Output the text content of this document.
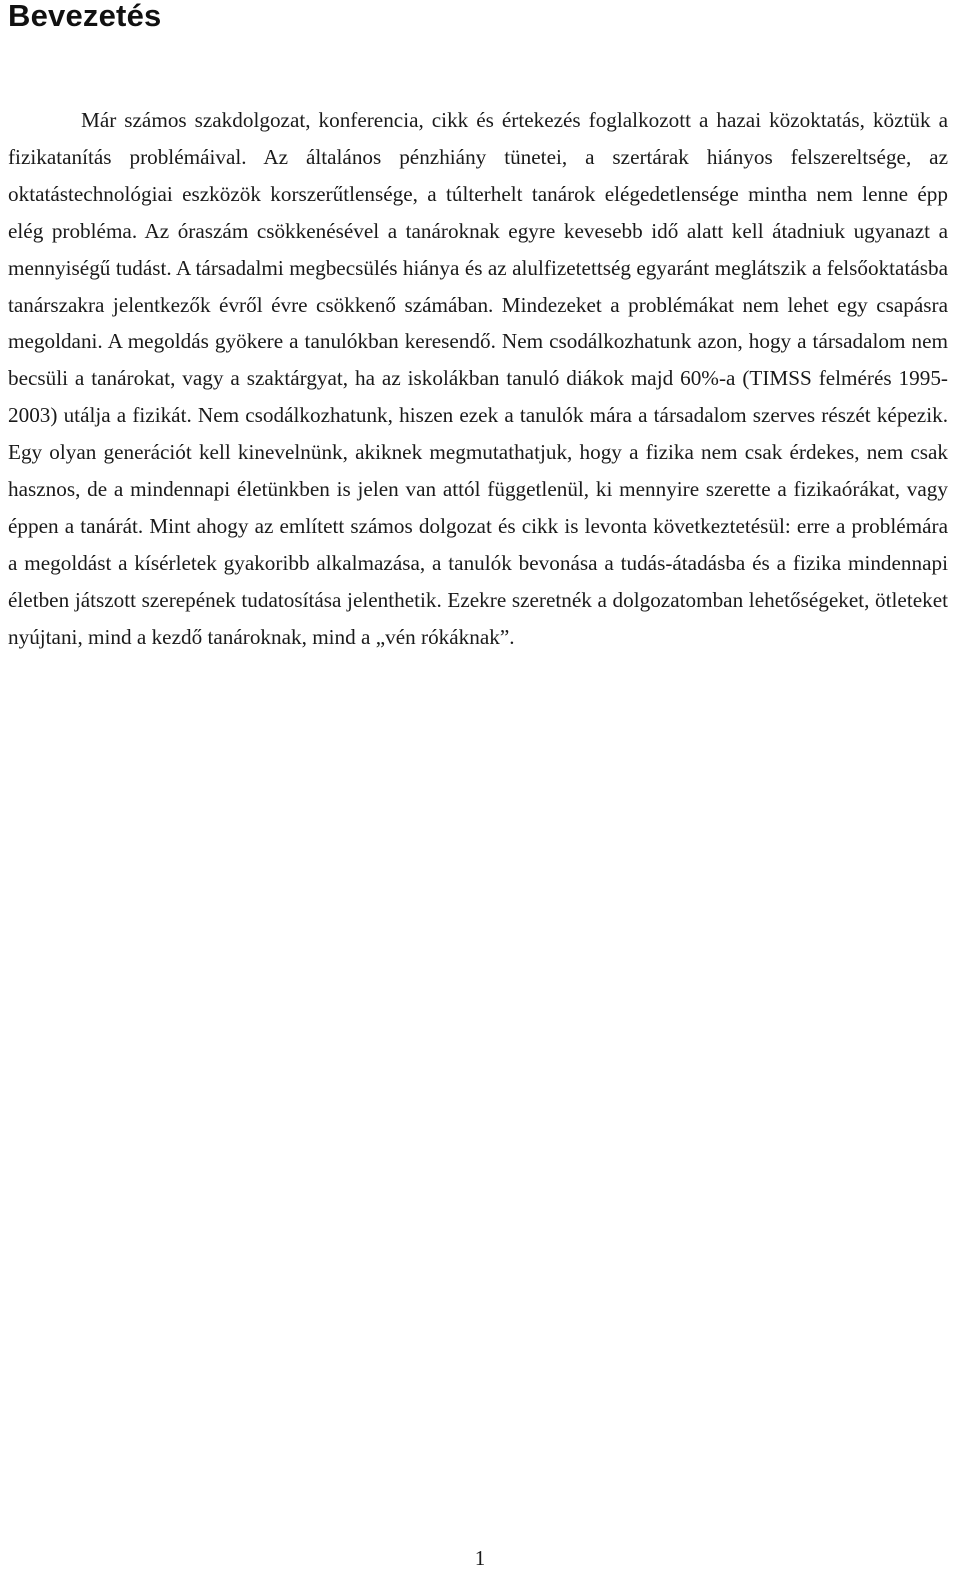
Bevezetés

Már számos szakdolgozat, konferencia, cikk és értekezés foglalkozott a hazai közoktatás, köztük a fizikatanítás problémáival. Az általános pénzhiány tünetei, a szertárak hiányos felszereltsége, az oktatástechnológiai eszközök korszerűtlensége, a túlterhelt tanárok elégedetlensége mintha nem lenne épp elég probléma. Az óraszám csökkenésével a tanároknak egyre kevesebb idő alatt kell átadniuk ugyanazt a mennyiségű tudást. A társadalmi megbecsülés hiánya és az alulfizetettség egyaránt meglátszik a felsőoktatásba tanárszakra jelentkezők évről évre csökkenő számában. Mindezeket a problémákat nem lehet egy csapásra megoldani. A megoldás gyökere a tanulókban keresendő. Nem csodálkozhatunk azon, hogy a társadalom nem becsüli a tanárokat, vagy a szaktárgyat, ha az iskolákban tanuló diákok majd 60%-a (TIMSS felmérés 1995-2003) utálja a fizikát. Nem csodálkozhatunk, hiszen ezek a tanulók mára a társadalom szerves részét képezik. Egy olyan generációt kell kinevelnünk, akiknek megmutathatjuk, hogy a fizika nem csak érdekes, nem csak hasznos, de a mindennapi életünkben is jelen van attól függetlenül, ki mennyire szerette a fizikaórákat, vagy éppen a tanárát. Mint ahogy az említett számos dolgozat és cikk is levonta következtetésül: erre a problémára a megoldást a kísérletek gyakoribb alkalmazása, a tanulók bevonása a tudás-átadásba és a fizika mindennapi életben játszott szerepének tudatosítása jelenthetik. Ezekre szeretnék a dolgozatomban lehetőségeket, ötleteket nyújtani, mind a kezdő tanároknak, mind a „vén rókáknak”.

1
